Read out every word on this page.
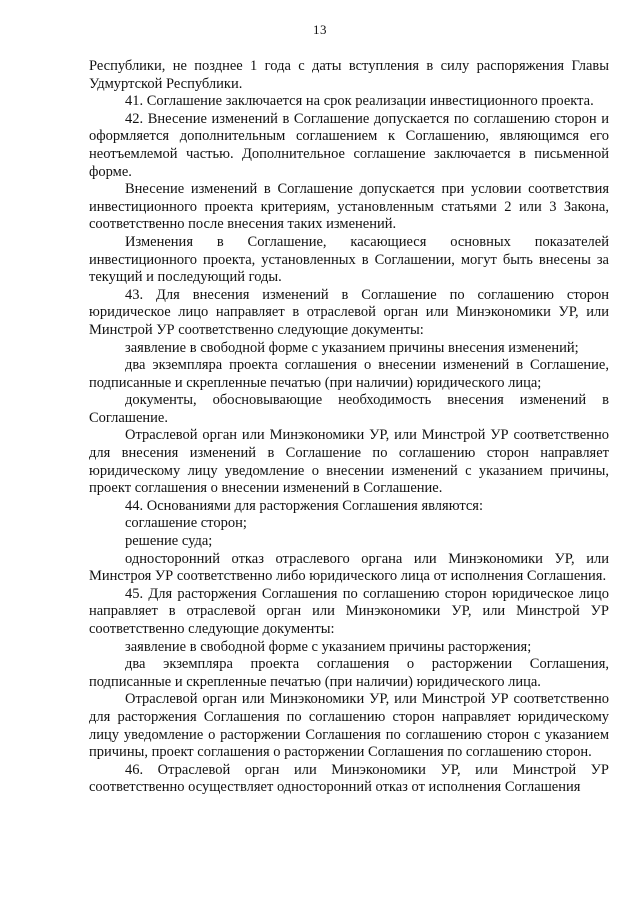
13

Республики, не позднее 1 года с даты вступления в силу распоряжения Главы Удмуртской Республики.

41. Соглашение заключается на срок реализации инвестиционного проекта.

42. Внесение изменений в Соглашение допускается по соглашению сторон и оформляется дополнительным соглашением к Соглашению, являющимся его неотъемлемой частью. Дополнительное соглашение заключается в письменной форме.

Внесение изменений в Соглашение допускается при условии соответствия инвестиционного проекта критериям, установленным статьями 2 или 3 Закона, соответственно после внесения таких изменений.

Изменения в Соглашение, касающиеся основных показателей инвестиционного проекта, установленных в Соглашении, могут быть внесены за текущий и последующий годы.

43. Для внесения изменений в Соглашение по соглашению сторон юридическое лицо направляет в отраслевой орган или Минэкономики УР, или Минстрой УР соответственно следующие документы:

заявление в свободной форме с указанием причины внесения изменений;

два экземпляра проекта соглашения о внесении изменений в Соглашение, подписанные и скрепленные печатью (при наличии) юридического лица;

документы, обосновывающие необходимость внесения изменений в Соглашение.

Отраслевой орган или Минэкономики УР, или Минстрой УР соответственно для внесения изменений в Соглашение по соглашению сторон направляет юридическому лицу уведомление о внесении изменений с указанием причины, проект соглашения о внесении изменений в Соглашение.

44. Основаниями для расторжения Соглашения являются:

соглашение сторон;

решение суда;

односторонний отказ отраслевого органа или Минэкономики УР, или Минстроя УР соответственно либо юридического лица от исполнения Соглашения.

45. Для расторжения Соглашения по соглашению сторон юридическое лицо направляет в отраслевой орган или Минэкономики УР, или Минстрой УР соответственно следующие документы:

заявление в свободной форме с указанием причины расторжения;

два экземпляра проекта соглашения о расторжении Соглашения, подписанные и скрепленные печатью (при наличии) юридического лица.

Отраслевой орган или Минэкономики УР, или Минстрой УР соответственно для расторжения Соглашения по соглашению сторон направляет юридическому лицу уведомление о расторжении Соглашения по соглашению сторон с указанием причины, проект соглашения о расторжении Соглашения по соглашению сторон.

46. Отраслевой орган или Минэкономики УР, или Минстрой УР соответственно осуществляет односторонний отказ от исполнения Соглашения
